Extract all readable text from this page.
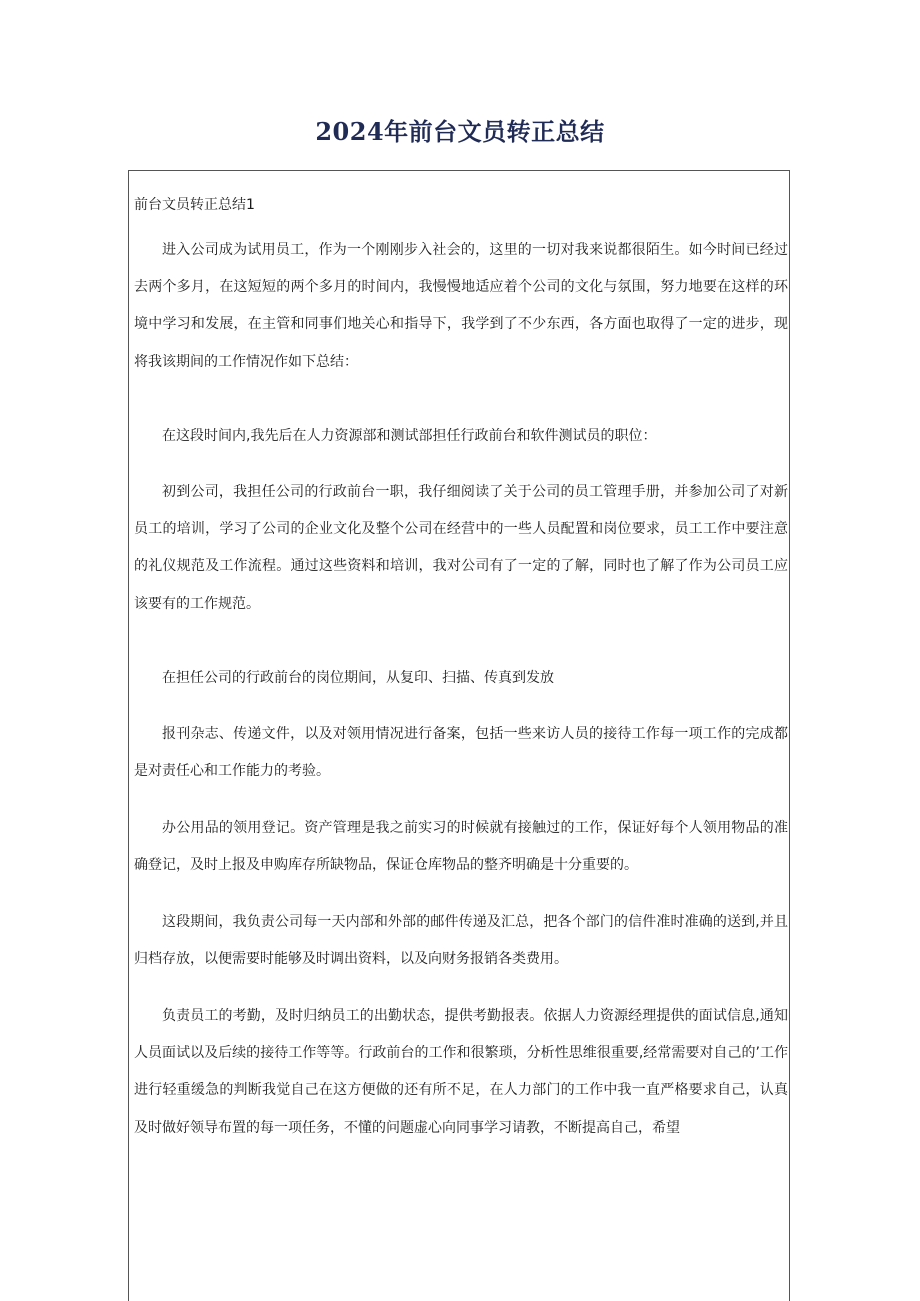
2024年前台文员转正总结

前台文员转正总结1

进入公司成为试用员工，作为一个刚刚步入社会的，这里的一切对我来说都很陌生。如今时间已经过去两个多月，在这短短的两个多月的时间内，我慢慢地适应着个公司的文化与氛围，努力地要在这样的环境中学习和发展，在主管和同事们地关心和指导下，我学到了不少东西，各方面也取得了一定的进步，现将我该期间的工作情况作如下总结：

在这段时间内,我先后在人力资源部和测试部担任行政前台和软件测试员的职位：

初到公司，我担任公司的行政前台一职，我仔细阅读了关于公司的员工管理手册，并参加公司了对新员工的培训，学习了公司的企业文化及整个公司在经营中的一些人员配置和岗位要求，员工工作中要注意的礼仪规范及工作流程。通过这些资料和培训，我对公司有了一定的了解，同时也了解了作为公司员工应该要有的工作规范。

在担任公司的行政前台的岗位期间，从复印、扫描、传真到发放

报刊杂志、传递文件，以及对领用情况进行备案，包括一些来访人员的接待工作每一项工作的完成都是对责任心和工作能力的考验。

办公用品的领用登记。资产管理是我之前实习的时候就有接触过的工作，保证好每个人领用物品的准确登记，及时上报及申购库存所缺物品，保证仓库物品的整齐明确是十分重要的。

这段期间，我负责公司每一天内部和外部的邮件传递及汇总，把各个部门的信件准时准确的送到,并且归档存放，以便需要时能够及时调出资料，以及向财务报销各类费用。

负责员工的考勤，及时归纳员工的出勤状态，提供考勤报表。依据人力资源经理提供的面试信息,通知人员面试以及后续的接待工作等等。行政前台的工作和很繁琐，分析性思维很重要,经常需要对自己的’工作进行轻重缓急的判断我觉自己在这方便做的还有所不足，在人力部门的工作中我一直严格要求自己，认真及时做好领导布置的每一项任务，不懂的问题虚心向同事学习请教，不断提高自己，希望
